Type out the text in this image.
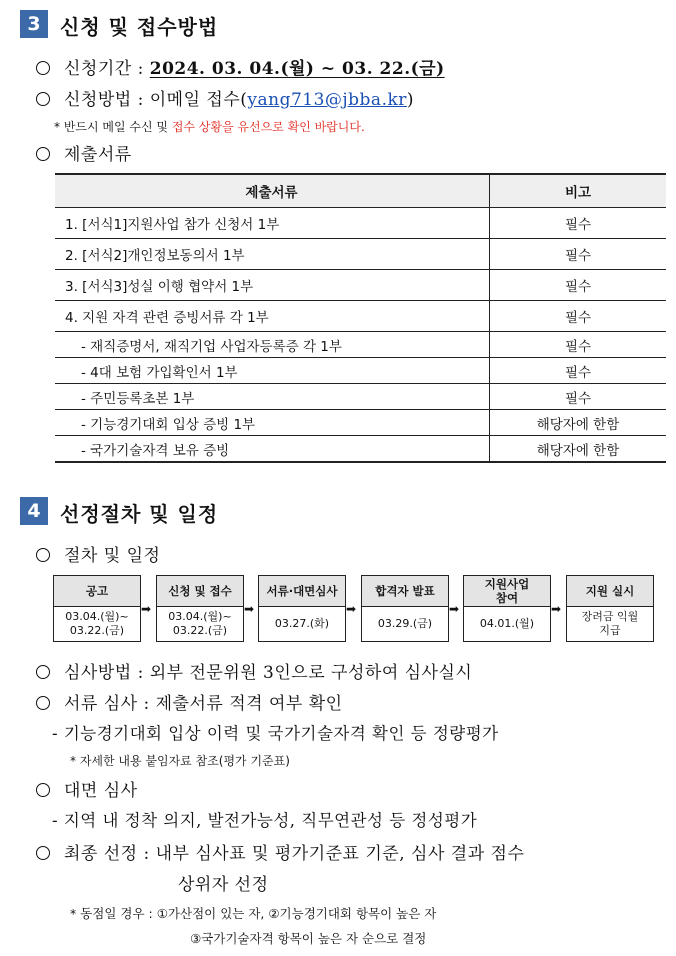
3 신청 및 접수방법
신청기간 : 2024. 03. 04.(월) ~ 03. 22.(금)
신청방법 : 이메일 접수(yang713@jbba.kr)
* 반드시 메일 수신 및 접수 상황을 유선으로 확인 바랍니다.
제출서류
제출서류	비고
1. [서식1]지원사업 참가 신청서 1부	필수
2. [서식2]개인정보동의서 1부	필수
3. [서식3]성실 이행 협약서 1부	필수
4. 지원 자격 관련 증빙서류 각 1부	필수
- 재직증명서, 재직기업 사업자등록증 각 1부	필수
- 4대 보험 가입확인서 1부	필수
- 주민등록초본 1부	필수
- 기능경기대회 입상 증빙 1부	해당자에 한함
- 국가기술자격 보유 증빙	해당자에 한함
4 선정절차 및 일정
절차 및 일정
공고
03.04.(월)~
03.22.(금)
➡
신청 및 접수
03.04.(월)~
03.22.(금)
➡
서류·대면심사
03.27.(화)
➡
합격자 발표
03.29.(금)
➡
지원사업
참여
04.01.(월)
➡
지원 실시
장려금 익월
지급
심사방법 : 외부 전문위원 3인으로 구성하여 심사실시
서류 심사 : 제출서류 적격 여부 확인
- 기능경기대회 입상 이력 및 국가기술자격 확인 등 정량평가
* 자세한 내용 붙임자료 참조(평가 기준표)
대면 심사
- 지역 내 정착 의지, 발전가능성, 직무연관성 등 정성평가
최종 선정 : 내부 심사표 및 평가기준표 기준, 심사 결과 점수
상위자 선정
* 동점일 경우 : ①가산점이 있는 자, ②기능경기대회 항목이 높은 자
③국가기술자격 항목이 높은 자 순으로 결정
